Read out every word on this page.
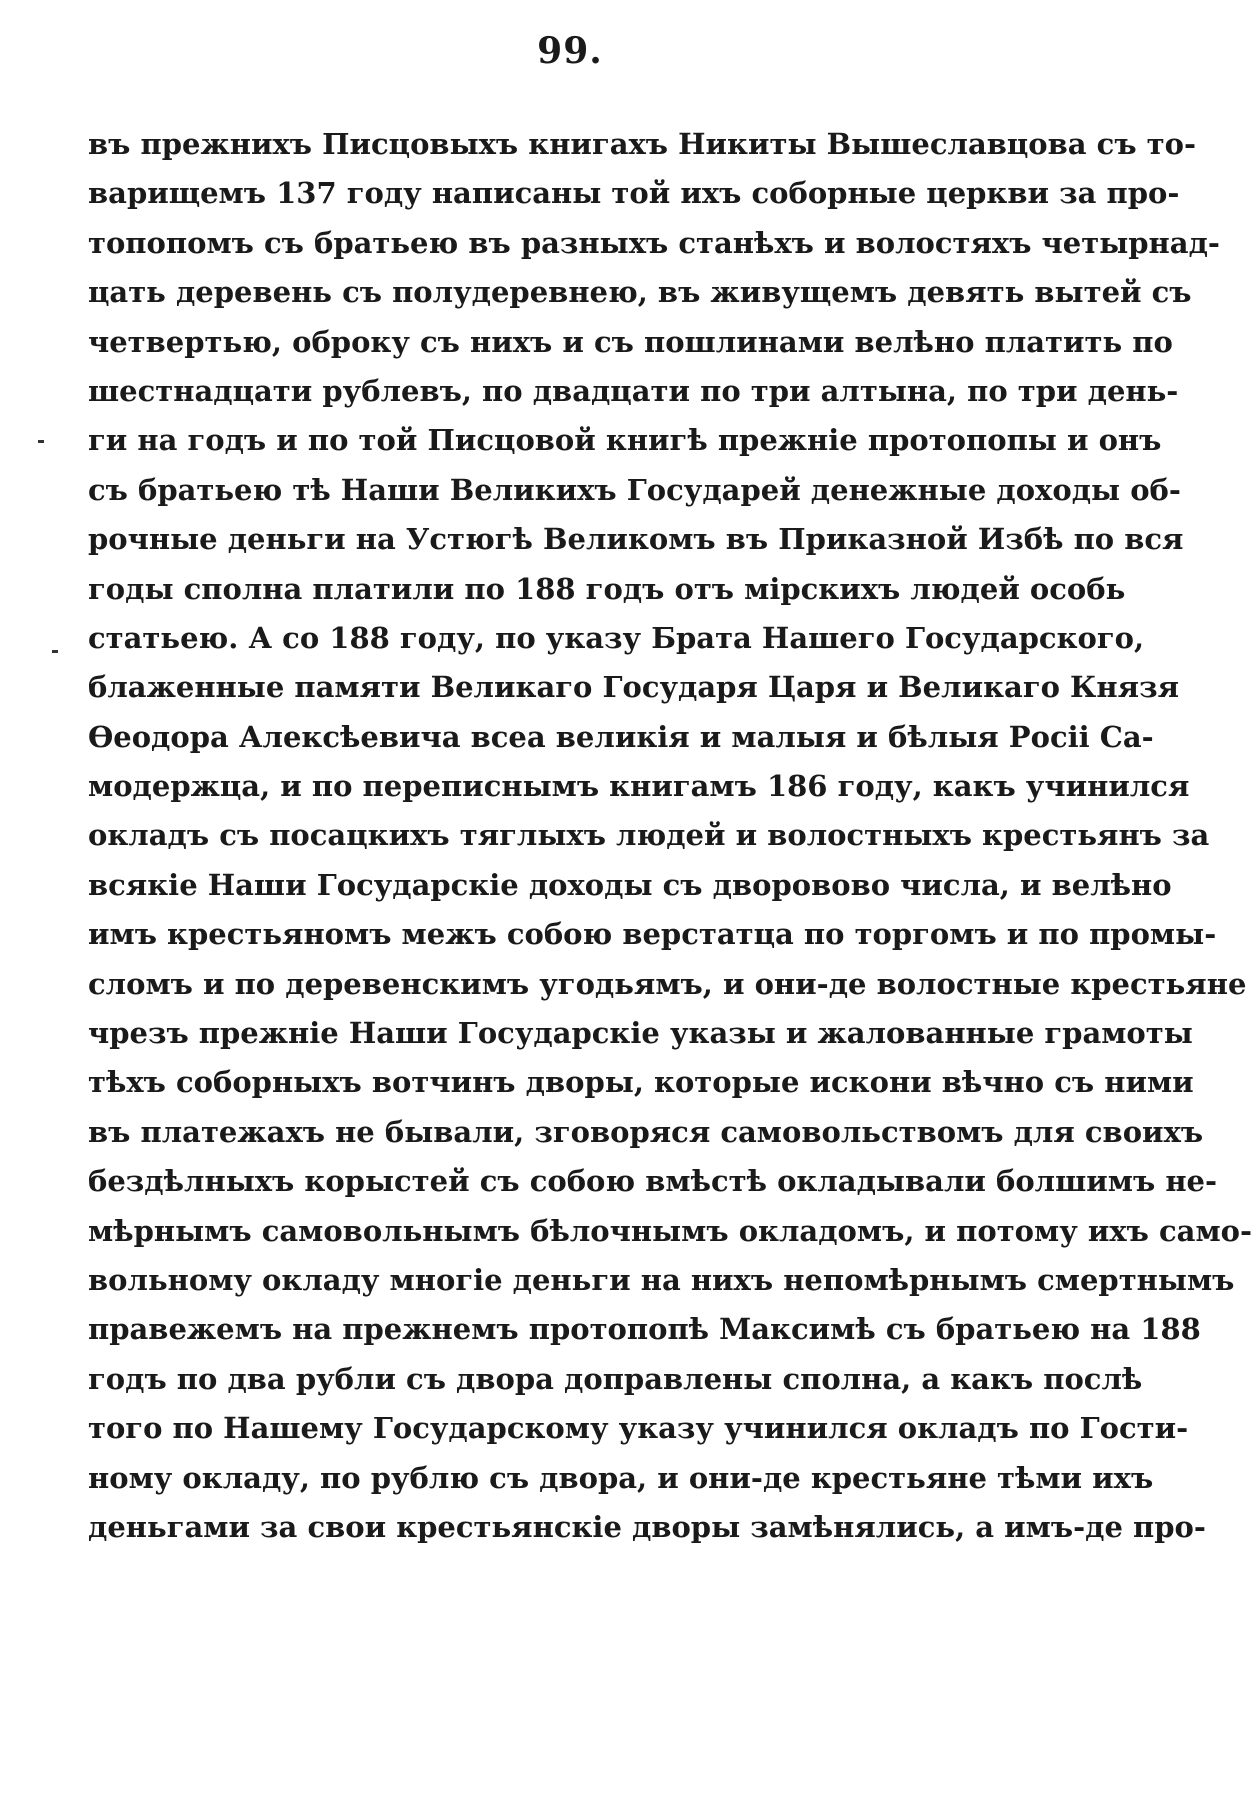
99.
въ прежнихъ Писцовыхъ книгахъ Никиты Вышеславцова съ то-
варищемъ 137 году написаны той ихъ соборные церкви за про-
топопомъ съ братьею въ разныхъ станѣхъ и волостяхъ четырнад-
цать деревень съ полудеревнею, въ живущемъ девять вытей съ
четвертью, оброку съ нихъ и съ пошлинами велѣно платить по
шестнадцати рублевъ, по двадцати по три алтына, по три день-
ги на годъ и по той Писцовой книгѣ прежніе протопопы и онъ
съ братьею тѣ Наши Великихъ Государей денежные доходы об-
рочные деньги на Устюгѣ Великомъ въ Приказной Избѣ по вся
годы сполна платили по 188 годъ отъ мірскихъ людей особь
статьею. А со 188 году, по указу Брата Нашего Государского,
блаженные памяти Великаго Государя Царя и Великаго Князя
Ѳеодора Алексѣевича всеа великія и малыя и бѣлыя Росіі Са-
модержца, и по переписнымъ книгамъ 186 году, какъ учинился
окладъ съ посацкихъ тяглыхъ людей и волостныхъ крестьянъ за
всякіе Наши Государскіе доходы съ дворовово числа, и велѣно
имъ крестьяномъ межъ собою верстатца по торгомъ и по промы-
сломъ и по деревенскимъ угодьямъ, и они-де волостные крестьяне
чрезъ прежніе Наши Государскіе указы и жалованные грамоты
тѣхъ соборныхъ вотчинъ дворы, которые искони вѣчно съ ними
въ платежахъ не бывали, зговоряся самовольствомъ для своихъ
бездѣлныхъ корыстей съ собою вмѣстѣ окладывали болшимъ не-
мѣрнымъ самовольнымъ бѣлочнымъ окладомъ, и потому ихъ само-
вольному окладу многіе деньги на нихъ непомѣрнымъ смертнымъ
правежемъ на прежнемъ протопопѣ Максимѣ съ братьею на 188
годъ по два рубли съ двора доправлены сполна, а какъ послѣ
того по Нашему Государскому указу учинился окладъ по Гости-
ному окладу, по рублю съ двора, и они-де крестьяне тѣми ихъ
деньгами за свои крестьянскіе дворы замѣнялись, а имъ-де про-
